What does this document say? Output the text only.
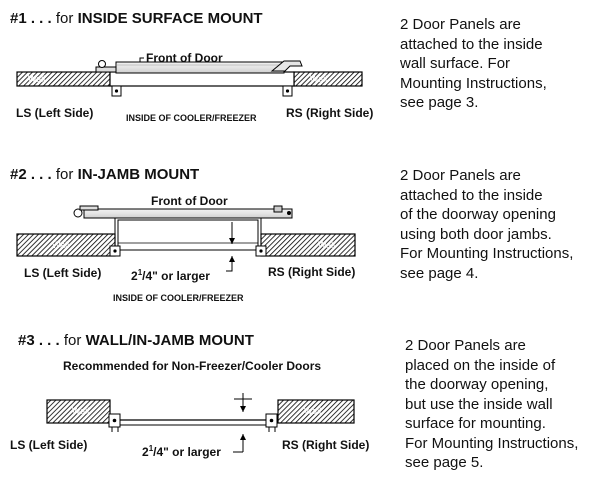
#1 . . . for INSIDE SURFACE MOUNT
Wall	Wall
Front of Door
LS (Left Side)	INSIDE OF COOLER/FREEZER RS (Right Side)
2 Door Panels are
attached to the inside
wall surface. For
Mounting Instructions,
see page 3.
#2 . . . for IN-JAMB MOUNT
Wall	Wall
Front of Door
LS (Left Side) $2^1/4$" or larger	RS (Right Side)
INSIDE OF COOLER/FREEZER
2 Door Panels are
attached to the inside
of the doorway opening
using both door jambs.
For Mounting Instructions,
see page 4.
#3 . . . for WALL/IN-JAMB MOUNT
Recommended for Non-Freezer/Cooler Doors
Wall	Wall
LS (Left Side)	$2^1/4$" or larger	RS (Right Side)
2 Door Panels are
placed on the inside of
the doorway opening,
but use the inside wall
surface for mounting.
For Mounting Instructions,
see page 5.
